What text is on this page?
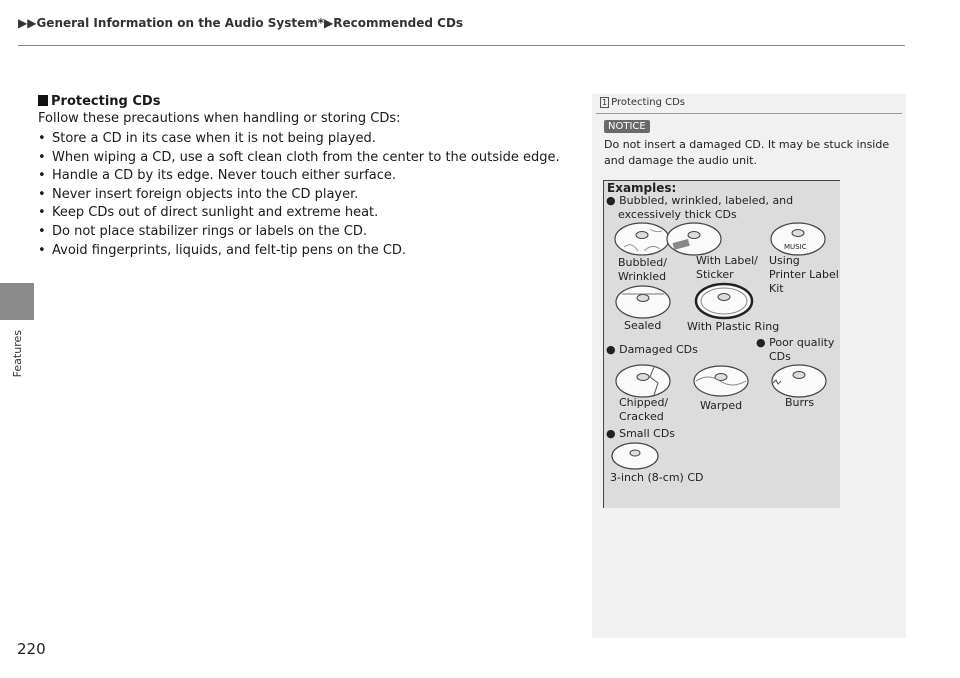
▶▶General Information on the Audio System*▶Recommended CDs
Features
Protecting CDs
Follow these precautions when handling or storing CDs:
• Store a CD in its case when it is not being played.
• When wiping a CD, use a soft clean cloth from the center to the outside edge.
• Handle a CD by its edge. Never touch either surface.
• Never insert foreign objects into the CD player.
• Keep CDs out of direct sunlight and extreme heat.
• Do not place stabilizer rings or labels on the CD.
• Avoid fingerprints, liquids, and felt-tip pens on the CD.
1 Protecting CDs
NOTICE
Do not insert a damaged CD. It may be stuck inside and damage the audio unit.
Examples:
● Bubbled, wrinkled, labeled, and
excessively thick CDs
MUSIC
Bubbled/
Wrinkled
With Label/
Sticker
Using
Printer Label
Kit
Sealed With Plastic Ring
● Damaged CDs
● Poor quality
CDs
Chipped/
Cracked
Warped	Burrs
● Small CDs
3-inch (8-cm) CD
220
